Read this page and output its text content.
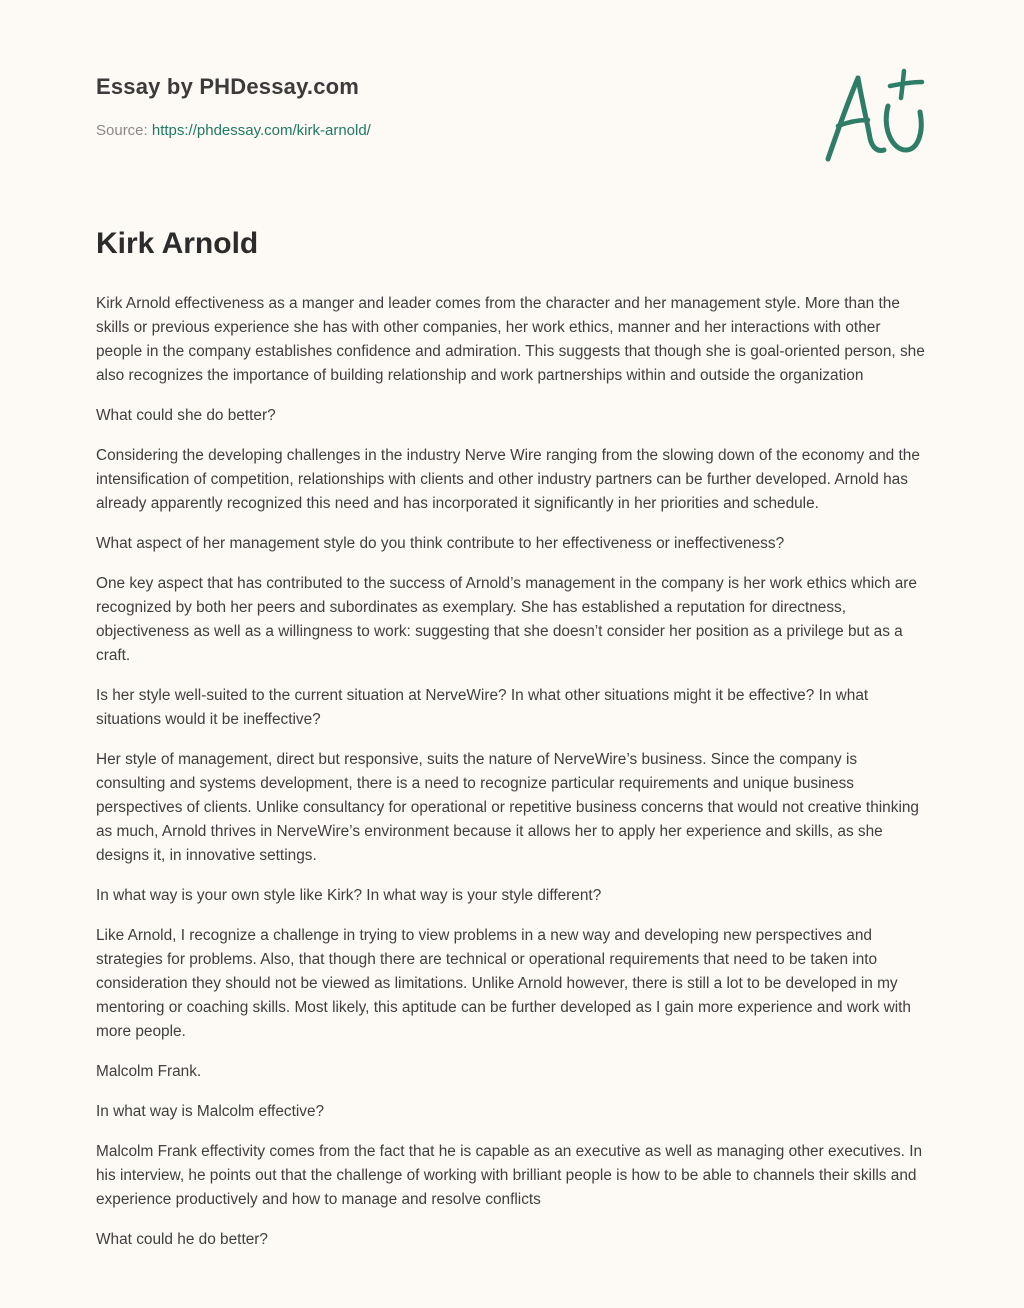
Essay by PHDessay.com
Source: https://phdessay.com/kirk-arnold/
Kirk Arnold

Kirk Arnold effectiveness as a manger and leader comes from the character and her management style. More than the skills or previous experience she has with other companies, her work ethics, manner and her interactions with other people in the company establishes confidence and admiration. This suggests that though she is goal-oriented person, she also recognizes the importance of building relationship and work partnerships within and outside the organization

What could she do better?

Considering the developing challenges in the industry Nerve Wire ranging from the slowing down of the economy and the intensification of competition, relationships with clients and other industry partners can be further developed. Arnold has already apparently recognized this need and has incorporated it significantly in her priorities and schedule.

What aspect of her management style do you think contribute to her effectiveness or ineffectiveness?

One key aspect that has contributed to the success of Arnold’s management in the company is her work ethics which are recognized by both her peers and subordinates as exemplary. She has established a reputation for directness, objectiveness as well as a willingness to work: suggesting that she doesn’t consider her position as a privilege but as a craft.

Is her style well-suited to the current situation at NerveWire? In what other situations might it be effective? In what situations would it be ineffective?

Her style of management, direct but responsive, suits the nature of NerveWire’s business. Since the company is consulting and systems development, there is a need to recognize particular requirements and unique business perspectives of clients. Unlike consultancy for operational or repetitive business concerns that would not creative thinking as much, Arnold thrives in NerveWire’s environment because it allows her to apply her experience and skills, as she designs it, in innovative settings.

In what way is your own style like Kirk? In what way is your style different?

Like Arnold, I recognize a challenge in trying to view problems in a new way and developing new perspectives and strategies for problems. Also, that though there are technical or operational requirements that need to be taken into consideration they should not be viewed as limitations. Unlike Arnold however, there is still a lot to be developed in my mentoring or coaching skills. Most likely, this aptitude can be further developed as I gain more experience and work with more people.

Malcolm Frank.

In what way is Malcolm effective?

Malcolm Frank effectivity comes from the fact that he is capable as an executive as well as managing other executives. In his interview, he points out that the challenge of working with brilliant people is how to be able to channels their skills and experience productively and how to manage and resolve conflicts

What could he do better?
